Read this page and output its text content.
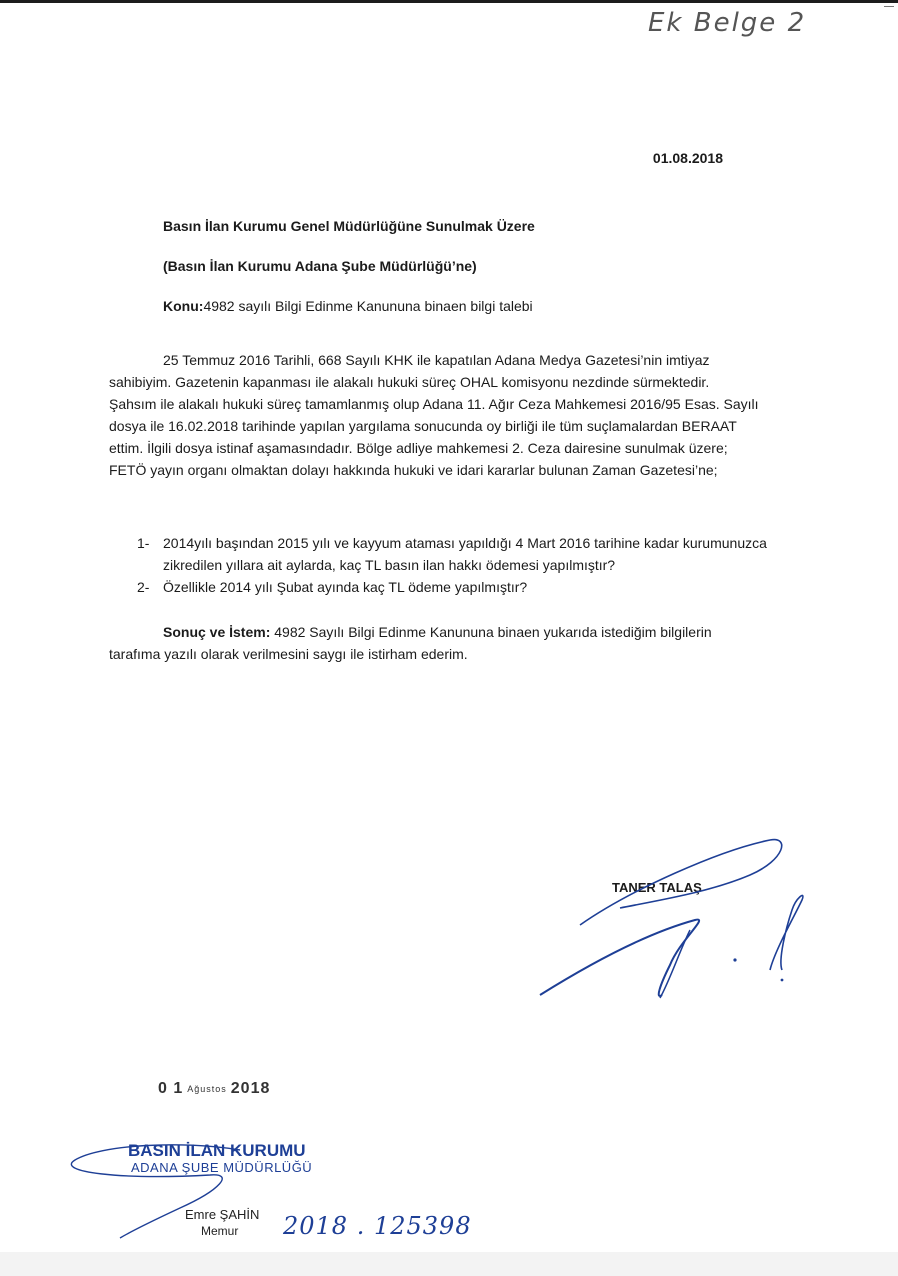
Ek Belge 2
01.08.2018
Basın İlan Kurumu Genel Müdürlüğüne Sunulmak Üzere
(Basın İlan Kurumu Adana Şube Müdürlüğü’ne)
Konu:4982 sayılı Bilgi Edinme Kanununa binaen bilgi talebi

25 Temmuz 2016 Tarihli, 668 Sayılı KHK ile kapatılan Adana Medya Gazetesi’nin imtiyaz sahibiyim. Gazetenin kapanması ile alakalı hukuki süreç OHAL komisyonu nezdinde sürmektedir. Şahsım ile alakalı hukuki süreç tamamlanmış olup Adana 11. Ağır Ceza Mahkemesi 2016/95 Esas. Sayılı dosya ile 16.02.2018 tarihinde yapılan yargılama sonucunda oy birliği ile tüm suçlamalardan BERAAT ettim. İlgili dosya istinaf aşamasındadır. Bölge adliye mahkemesi 2. Ceza dairesine sunulmak üzere; FETÖ yayın organı olmaktan dolayı hakkında hukuki ve idari kararlar bulunan Zaman Gazetesi’ne;

1- 2014yılı başından 2015 yılı ve kayyum ataması yapıldığı 4 Mart 2016 tarihine kadar kurumunuzca zikredilen yıllara ait aylarda, kaç TL basın ilan hakkı ödemesi yapılmıştır?
2- Özellikle 2014 yılı Şubat ayında kaç TL ödeme yapılmıştır?

Sonuç ve İstem: 4982 Sayılı Bilgi Edinme Kanununa binaen yukarıda istediğim bilgilerin tarafıma yazılı olarak verilmesini saygı ile istirham ederim.

TANER TALAŞ
0 1 Ağustos 2018
BASIN İLAN KURUMU
ADANA ŞUBE MÜDÜRLÜĞÜ
Emre ŞAHİN
Memur 2018 . 125398
